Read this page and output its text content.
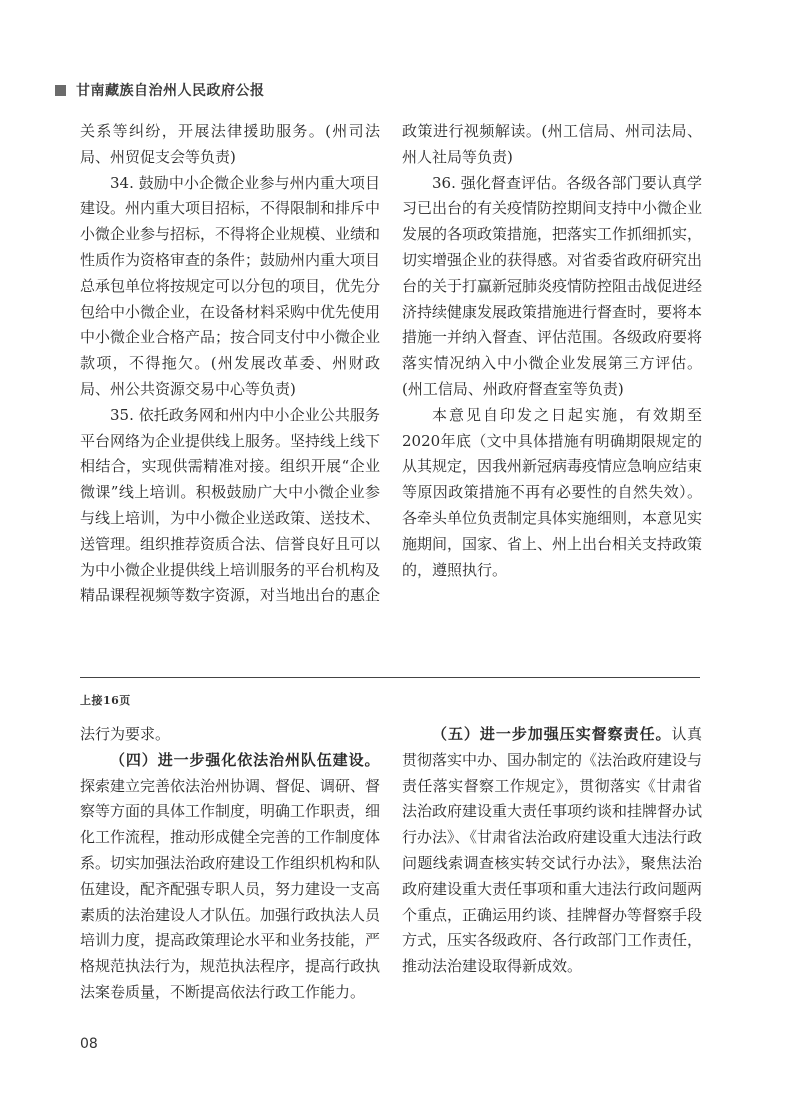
甘南藏族自治州人民政府公报

关系等纠纷，开展法律援助服务。(州司法局、州贸促支会等负责)

34. 鼓励中小企微企业参与州内重大项目建设。州内重大项目招标，不得限制和排斥中小微企业参与招标，不得将企业规模、业绩和性质作为资格审查的条件；鼓励州内重大项目总承包单位将按规定可以分包的项目，优先分包给中小微企业，在设备材料采购中优先使用中小微企业合格产品；按合同支付中小微企业款项，不得拖欠。(州发展改革委、州财政局、州公共资源交易中心等负责)

35. 依托政务网和州内中小企业公共服务平台网络为企业提供线上服务。坚持线上线下相结合，实现供需精准对接。组织开展“企业微课”线上培训。积极鼓励广大中小微企业参与线上培训，为中小微企业送政策、送技术、送管理。组织推荐资质合法、信誉良好且可以为中小微企业提供线上培训服务的平台机构及精品课程视频等数字资源，对当地出台的惠企

政策进行视频解读。(州工信局、州司法局、州人社局等负责)

36. 强化督查评估。各级各部门要认真学习已出台的有关疫情防控期间支持中小微企业发展的各项政策措施，把落实工作抓细抓实，切实增强企业的获得感。对省委省政府研究出台的关于打赢新冠肺炎疫情防控阻击战促进经济持续健康发展政策措施进行督查时，要将本措施一并纳入督查、评估范围。各级政府要将落实情况纳入中小微企业发展第三方评估。(州工信局、州政府督查室等负责)

本意见自印发之日起实施，有效期至2020年底（文中具体措施有明确期限规定的从其规定，因我州新冠病毒疫情应急响应结束等原因政策措施不再有必要性的自然失效）。各牵头单位负责制定具体实施细则，本意见实施期间，国家、省上、州上出台相关支持政策的，遵照执行。

上接16页

法行为要求。

（四）进一步强化依法治州队伍建设。探索建立完善依法治州协调、督促、调研、督察等方面的具体工作制度，明确工作职责，细化工作流程，推动形成健全完善的工作制度体系。切实加强法治政府建设工作组织机构和队伍建设，配齐配强专职人员，努力建设一支高素质的法治建设人才队伍。加强行政执法人员培训力度，提高政策理论水平和业务技能，严格规范执法行为，规范执法程序，提高行政执法案卷质量，不断提高依法行政工作能力。

（五）进一步加强压实督察责任。认真贯彻落实中办、国办制定的《法治政府建设与责任落实督察工作规定》，贯彻落实《甘肃省法治政府建设重大责任事项约谈和挂牌督办试行办法》、《甘肃省法治政府建设重大违法行政问题线索调查核实转交试行办法》，聚焦法治政府建设重大责任事项和重大违法行政问题两个重点，正确运用约谈、挂牌督办等督察手段方式，压实各级政府、各行政部门工作责任，推动法治建设取得新成效。

08
